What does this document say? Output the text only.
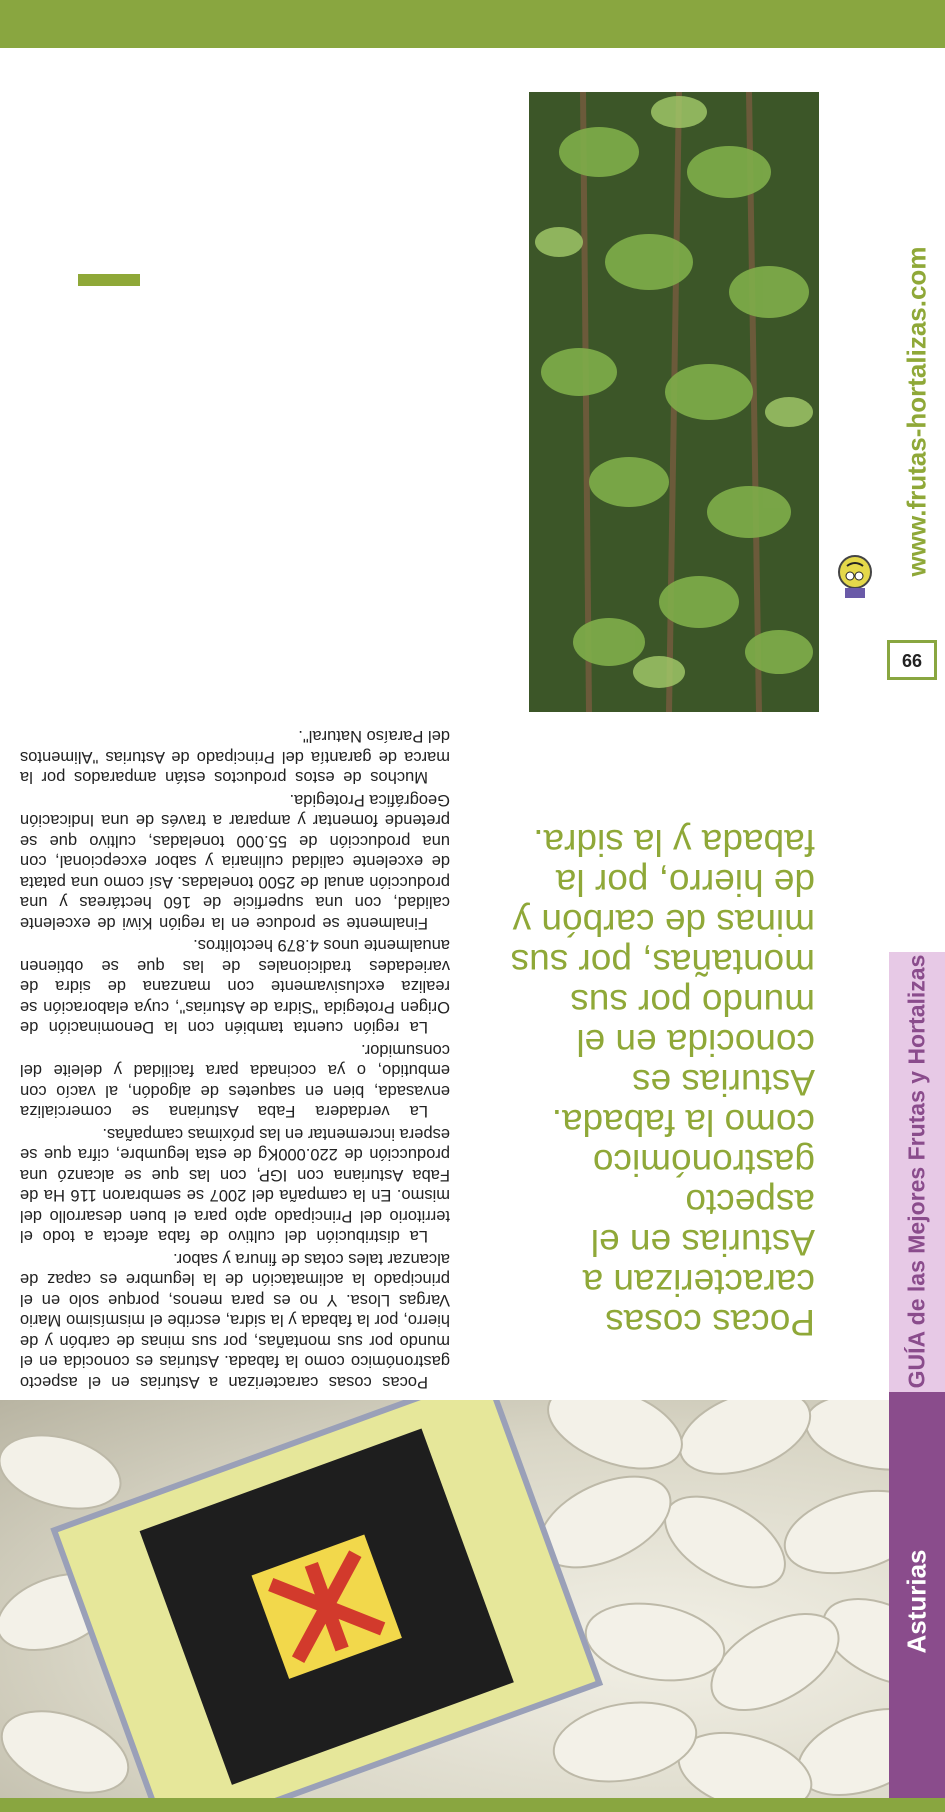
Asturias
GUÍA de las Mejores Frutas y Hortalizas
www.frutas-hortalizas.com
99
Pocas cosas
caracterizan a
Asturias en el
aspecto
gastronómico
como la fabada.
Asturias es
conocida en el
mundo por sus
montañas, por sus
minas de carbón y
de hierro, por la
fabada y la sidra.

Pocas cosas caracterizan a Asturias en el aspecto gastronómico como la fabada. Asturias es conocida en el mundo por sus montañas, por sus minas de carbón y de hierro, por la fabada y la sidra, escribe el mismísimo Mario Vargas Llosa. Y no es para menos, porque solo en el principado la aclimatación de la legumbre es capaz de alcanzar tales cotas de finura y sabor.

La distribución del cultivo de faba afecta a todo el territorio del Principado apto para el buen desarrollo del mismo. En la campaña del 2007 se sembraron 116 Ha de Faba Asturiana con IGP, con las que se alcanzó una producción de 220.000Kg de esta legumbre, cifra que se espera incrementar en las próximas campañas.

La verdadera Faba Asturiana se comercializa envasada, bien en saquetes de algodón, al vacío con embutido, o ya cocinada para facilidad y deleite del consumidor.

La región cuenta también con la Denominación de Origen Protegida "Sidra de Asturias", cuya elaboración se realiza exclusivamente con manzana de sidra de variedades tradicionales de las que se obtienen anualmente unos 4.879 hectolitros.

Finalmente se produce en la región Kiwi de excelente calidad, con una superficie de 160 hectáreas y una producción anual de 2500 toneladas. Así como una patata de excelente calidad culinaria y sabor excepcional, con una producción de 55.000 toneladas, cultivo que se pretende fomentar y amparar a través de una Indicación Geográfica Protegida.

Muchos de estos productos están amparados por la marca de garantía del Principado de Asturias "Alimentos del Paraíso Natural".
